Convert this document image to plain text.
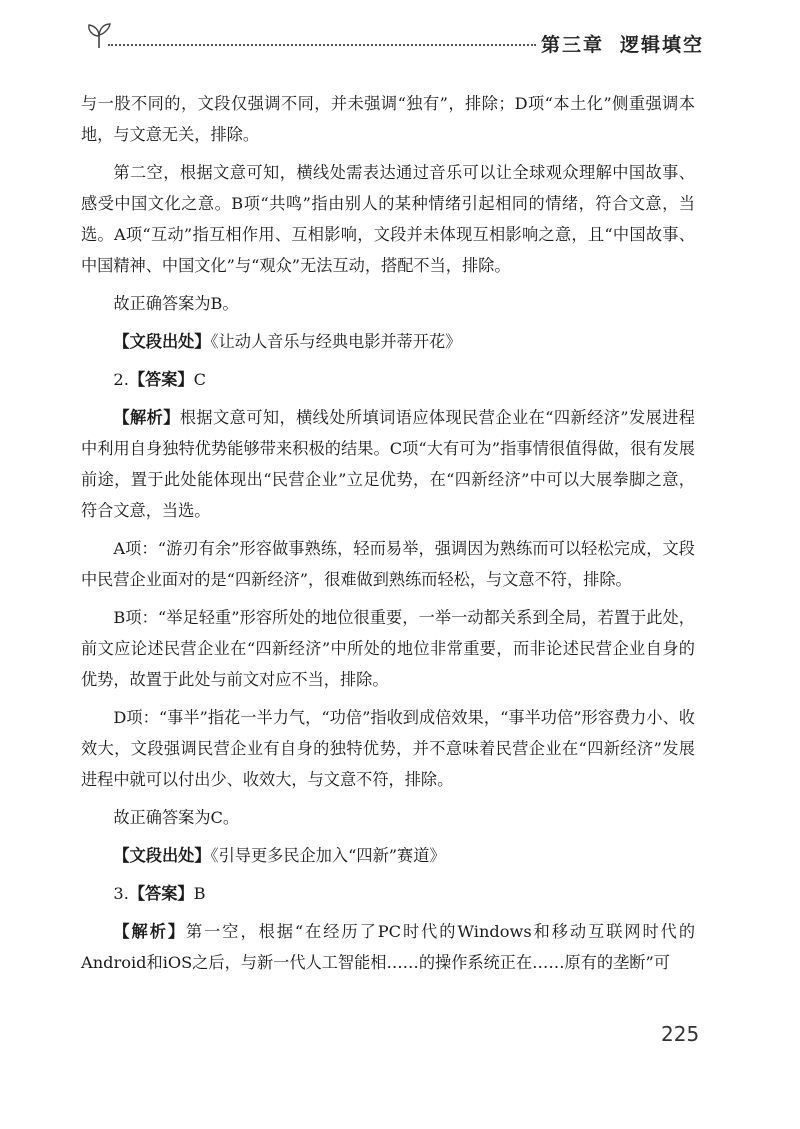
第三章 逻辑填空

与一股不同的，文段仅强调不同，并未强调“独有”，排除；D项“本土化”侧重强调本地，与文意无关，排除。

第二空，根据文意可知，横线处需表达通过音乐可以让全球观众理解中国故事、感受中国文化之意。B项“共鸣”指由别人的某种情绪引起相同的情绪，符合文意，当选。A项“互动”指互相作用、互相影响，文段并未体现互相影响之意，且“中国故事、中国精神、中国文化”与“观众”无法互动，搭配不当，排除。

故正确答案为B。

【文段出处】《让动人音乐与经典电影并蒂开花》

2.【答案】C

【解析】根据文意可知，横线处所填词语应体现民营企业在“四新经济”发展进程中利用自身独特优势能够带来积极的结果。C项“大有可为”指事情很值得做，很有发展前途，置于此处能体现出“民营企业”立足优势，在“四新经济”中可以大展拳脚之意，符合文意，当选。

A项：“游刃有余”形容做事熟练，轻而易举，强调因为熟练而可以轻松完成，文段中民营企业面对的是“四新经济”，很难做到熟练而轻松，与文意不符，排除。

B项：“举足轻重”形容所处的地位很重要，一举一动都关系到全局，若置于此处，前文应论述民营企业在“四新经济”中所处的地位非常重要，而非论述民营企业自身的优势，故置于此处与前文对应不当，排除。

D项：“事半”指花一半力气，“功倍”指收到成倍效果，“事半功倍”形容费力小、收效大，文段强调民营企业有自身的独特优势，并不意味着民营企业在“四新经济”发展进程中就可以付出少、收效大，与文意不符，排除。

故正确答案为C。

【文段出处】《引导更多民企加入“四新”赛道》

3.【答案】B

【解析】第一空，根据“在经历了PC时代的Windows和移动互联网时代的Android和iOS之后，与新一代人工智能相……的操作系统正在……原有的垄断”可

225
